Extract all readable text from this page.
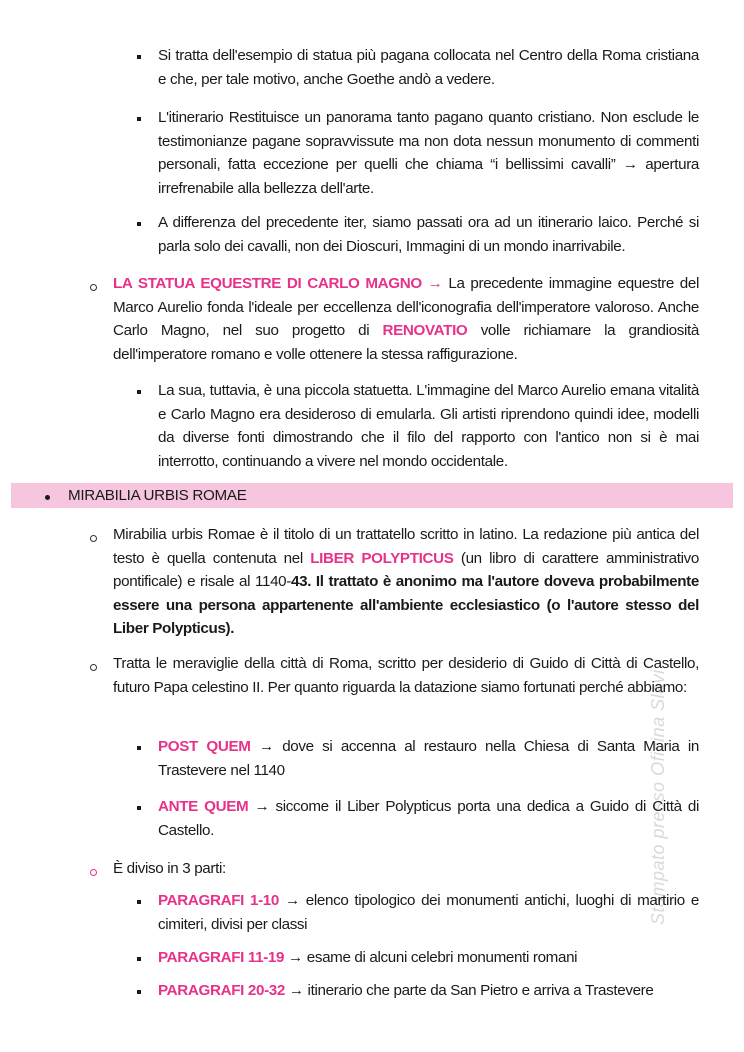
Stampato presso Oficina Slavi

Si tratta dell'esempio di statua più pagana collocata nel Centro della Roma cristiana e che, per tale motivo, anche Goethe andò a vedere.

L'itinerario Restituisce un panorama tanto pagano quanto cristiano. Non esclude le testimonianze pagane sopravvissute ma non dota nessun monumento di commenti personali, fatta eccezione per quelli che chiama “i bellissimi cavalli” → apertura irrefrenabile alla bellezza dell'arte.

A differenza del precedente iter, siamo passati ora ad un itinerario laico. Perché si parla solo dei cavalli, non dei Dioscuri, Immagini di un mondo inarrivabile.

LA STATUA EQUESTRE DI CARLO MAGNO → La precedente immagine equestre del Marco Aurelio fonda l'ideale per eccellenza dell'iconografia dell'imperatore valoroso. Anche Carlo Magno, nel suo progetto di RENOVATIO volle richiamare la grandiosità dell'imperatore romano e volle ottenere la stessa raffigurazione.

La sua, tuttavia, è una piccola statuetta. L'immagine del Marco Aurelio emana vitalità e Carlo Magno era desideroso di emularla. Gli artisti riprendono quindi idee, modelli da diverse fonti dimostrando che il filo del rapporto con l'antico non si è mai interrotto, continuando a vivere nel mondo occidentale.

MIRABILIA URBIS ROMAE

Mirabilia urbis Romae è il titolo di un trattatello scritto in latino. La redazione più antica del testo è quella contenuta nel LIBER POLYPTICUS (un libro di carattere amministrativo pontificale) e risale al 1140-43. Il trattato è anonimo ma l'autore doveva probabilmente essere una persona appartenente all'ambiente ecclesiastico (o l'autore stesso del Liber Polypticus).

Tratta le meraviglie della città di Roma, scritto per desiderio di Guido di Città di Castello, futuro Papa celestino II. Per quanto riguarda la datazione siamo fortunati perché abbiamo:

POST QUEM → dove si accenna al restauro nella Chiesa di Santa Maria in Trastevere nel 1140

ANTE QUEM → siccome il Liber Polypticus porta una dedica a Guido di Città di Castello.

È diviso in 3 parti:

PARAGRAFI 1-10 → elenco tipologico dei monumenti antichi, luoghi di martirio e cimiteri, divisi per classi

PARAGRAFI 11-19 → esame di alcuni celebri monumenti romani

PARAGRAFI 20-32 → itinerario che parte da San Pietro e arriva a Trastevere
